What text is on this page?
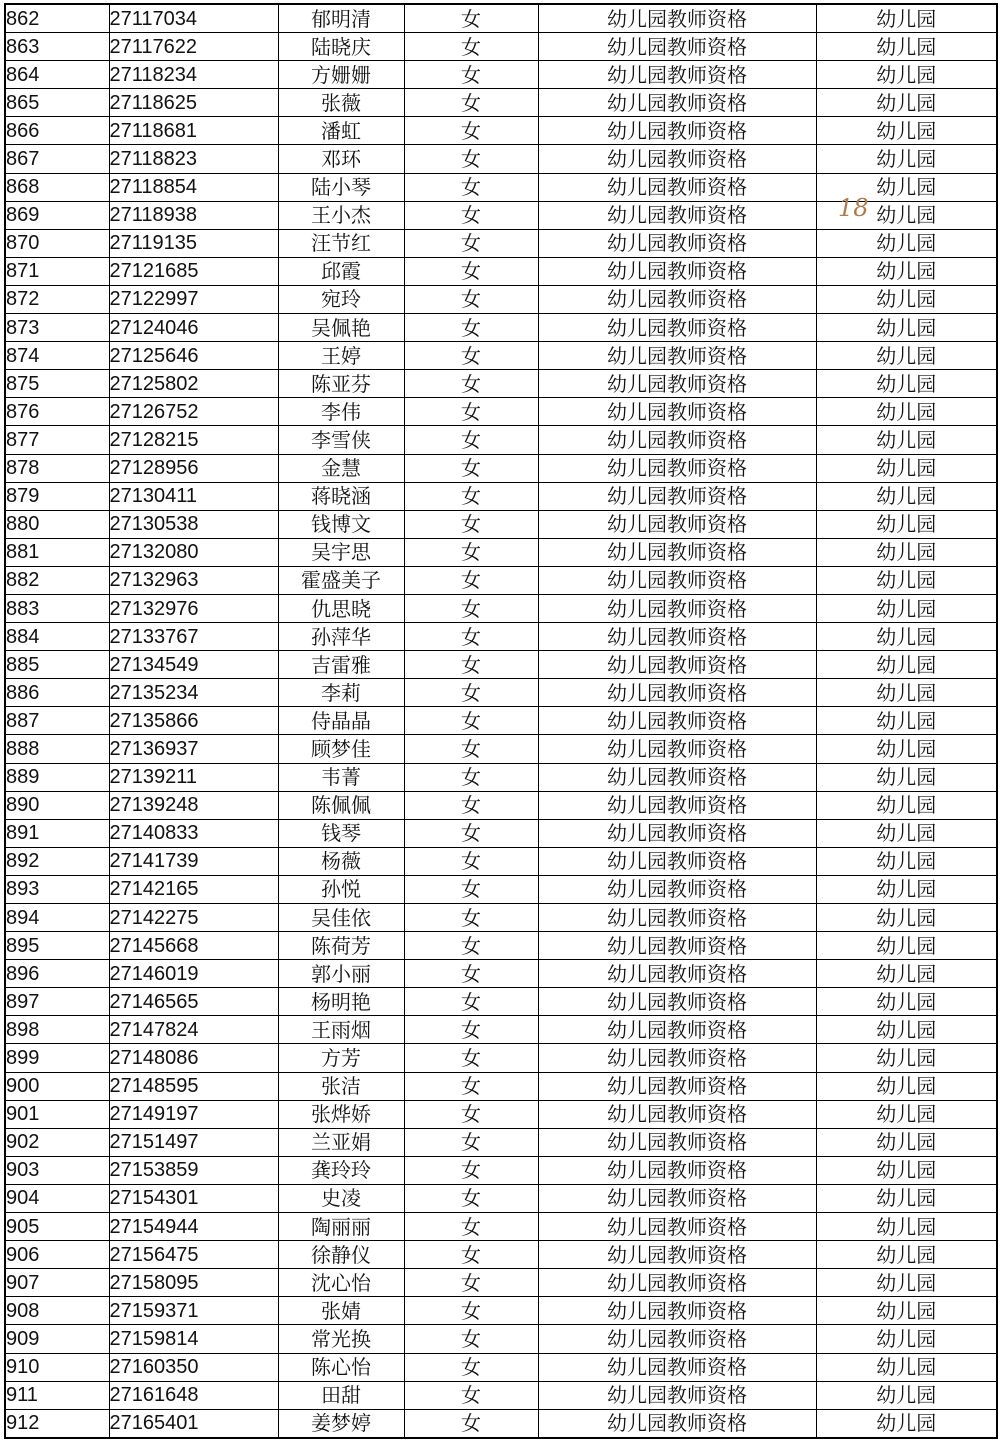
862	27117034	郁明清	女	幼儿园教师资格	幼儿园
863	27117622	陆晓庆	女	幼儿园教师资格	幼儿园
864	27118234	方姗姗	女	幼儿园教师资格	幼儿园
865	27118625	张薇	女	幼儿园教师资格	幼儿园
866	27118681	潘虹	女	幼儿园教师资格	幼儿园
867	27118823	邓环	女	幼儿园教师资格	幼儿园
868	27118854	陆小琴	女	幼儿园教师资格	幼儿园
869	27118938	王小杰	女	幼儿园教师资格	幼儿园
870	27119135	汪节红	女	幼儿园教师资格	幼儿园
871	27121685	邱霞	女	幼儿园教师资格	幼儿园
872	27122997	宛玲	女	幼儿园教师资格	幼儿园
873	27124046	吴佩艳	女	幼儿园教师资格	幼儿园
874	27125646	王婷	女	幼儿园教师资格	幼儿园
875	27125802	陈亚芬	女	幼儿园教师资格	幼儿园
876	27126752	李伟	女	幼儿园教师资格	幼儿园
877	27128215	李雪侠	女	幼儿园教师资格	幼儿园
878	27128956	金慧	女	幼儿园教师资格	幼儿园
879	27130411	蒋晓涵	女	幼儿园教师资格	幼儿园
880	27130538	钱博文	女	幼儿园教师资格	幼儿园
881	27132080	吴宇思	女	幼儿园教师资格	幼儿园
882	27132963	霍盛美子	女	幼儿园教师资格	幼儿园
883	27132976	仇思晓	女	幼儿园教师资格	幼儿园
884	27133767	孙萍华	女	幼儿园教师资格	幼儿园
885	27134549	吉雷雅	女	幼儿园教师资格	幼儿园
886	27135234	李莉	女	幼儿园教师资格	幼儿园
887	27135866	侍晶晶	女	幼儿园教师资格	幼儿园
888	27136937	顾梦佳	女	幼儿园教师资格	幼儿园
889	27139211	韦菁	女	幼儿园教师资格	幼儿园
890	27139248	陈佩佩	女	幼儿园教师资格	幼儿园
891	27140833	钱琴	女	幼儿园教师资格	幼儿园
892	27141739	杨薇	女	幼儿园教师资格	幼儿园
893	27142165	孙悦	女	幼儿园教师资格	幼儿园
894	27142275	吴佳依	女	幼儿园教师资格	幼儿园
895	27145668	陈荷芳	女	幼儿园教师资格	幼儿园
896	27146019	郭小丽	女	幼儿园教师资格	幼儿园
897	27146565	杨明艳	女	幼儿园教师资格	幼儿园
898	27147824	王雨烟	女	幼儿园教师资格	幼儿园
899	27148086	方芳	女	幼儿园教师资格	幼儿园
900	27148595	张洁	女	幼儿园教师资格	幼儿园
901	27149197	张烨娇	女	幼儿园教师资格	幼儿园
902	27151497	兰亚娟	女	幼儿园教师资格	幼儿园
903	27153859	龚玲玲	女	幼儿园教师资格	幼儿园
904	27154301	史凌	女	幼儿园教师资格	幼儿园
905	27154944	陶丽丽	女	幼儿园教师资格	幼儿园
906	27156475	徐静仪	女	幼儿园教师资格	幼儿园
907	27158095	沈心怡	女	幼儿园教师资格	幼儿园
908	27159371	张婧	女	幼儿园教师资格	幼儿园
909	27159814	常光换	女	幼儿园教师资格	幼儿园
910	27160350	陈心怡	女	幼儿园教师资格	幼儿园
911	27161648	田甜	女	幼儿园教师资格	幼儿园
912	27165401	姜梦婷	女	幼儿园教师资格	幼儿园
18
